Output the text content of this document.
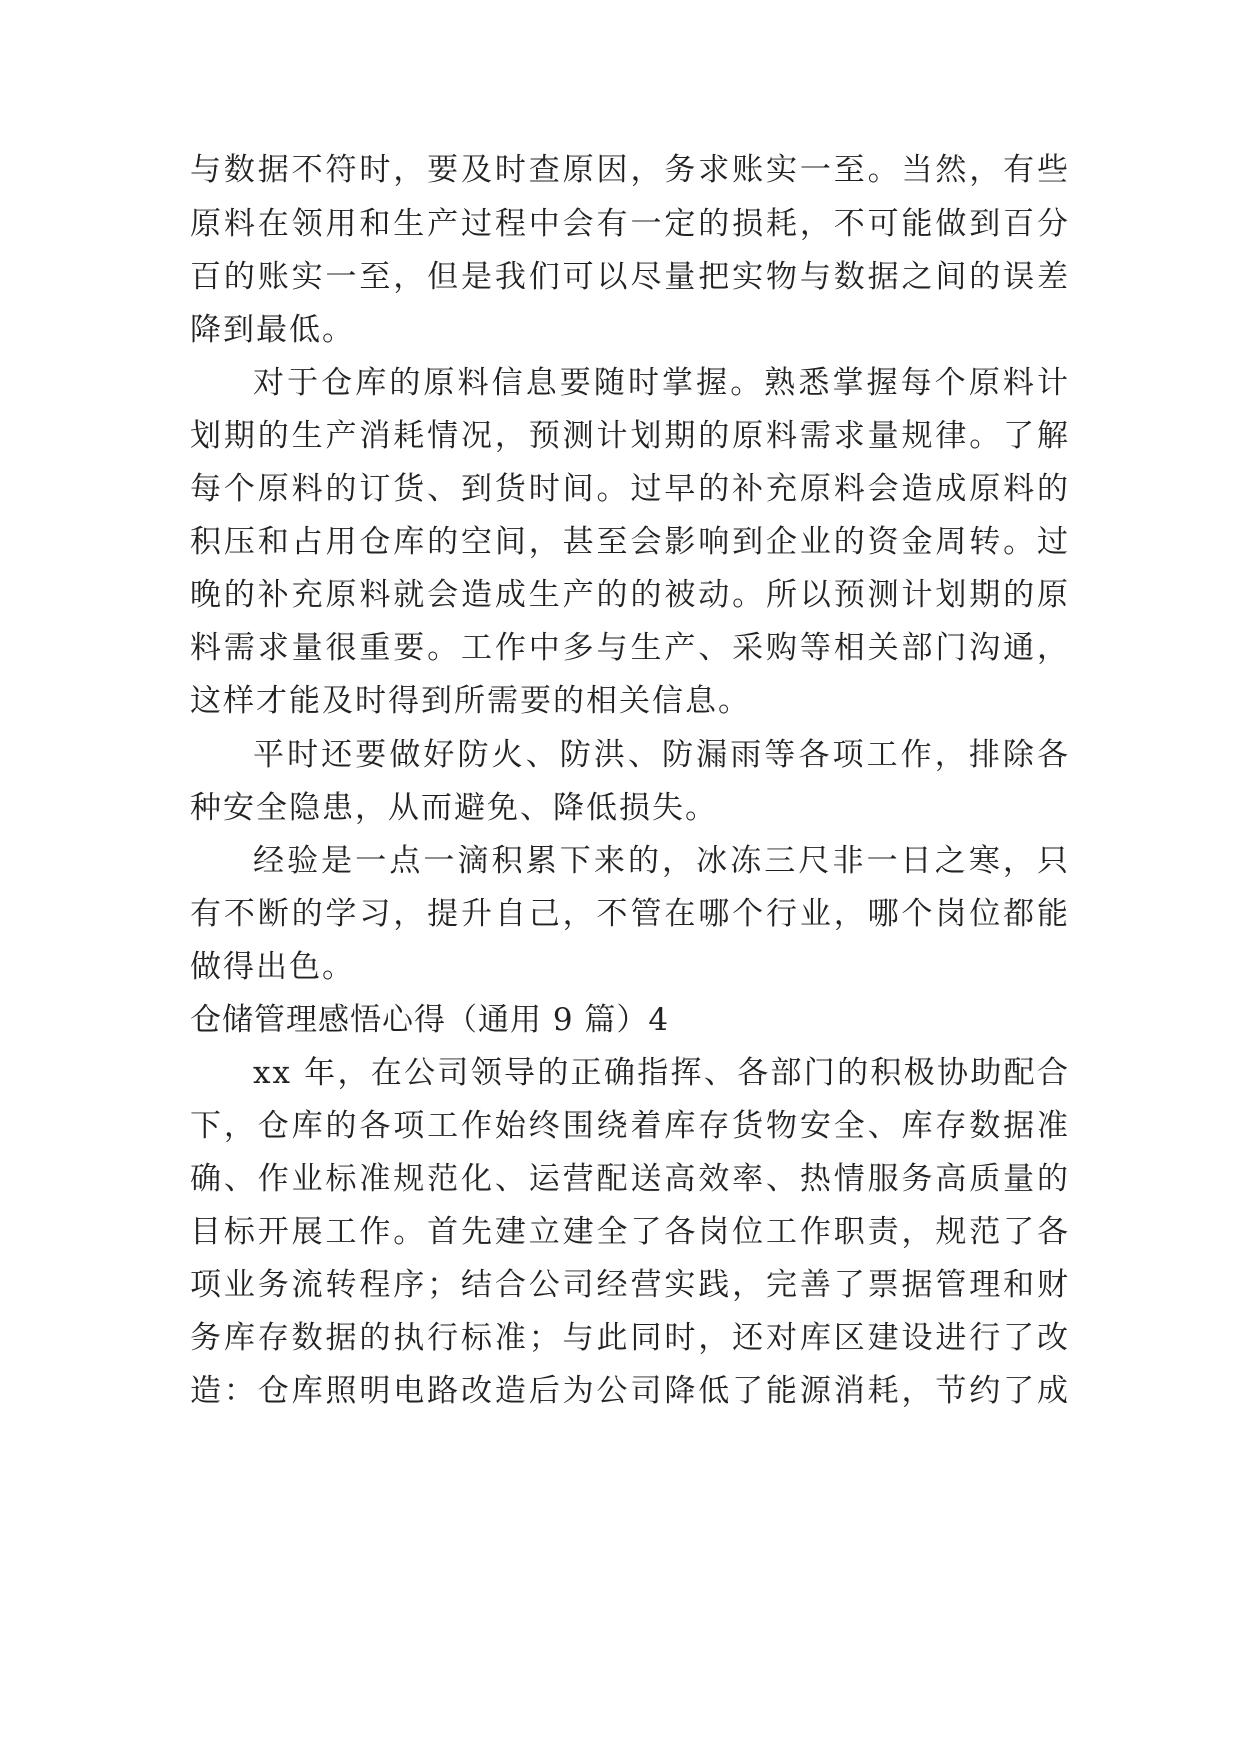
与数据不符时，要及时查原因，务求账实一至。当然，有些
原料在领用和生产过程中会有一定的损耗，不可能做到百分
百的账实一至，但是我们可以尽量把实物与数据之间的误差
降到最低。
对于仓库的原料信息要随时掌握。熟悉掌握每个原料计
划期的生产消耗情况，预测计划期的原料需求量规律。了解
每个原料的订货、到货时间。过早的补充原料会造成原料的
积压和占用仓库的空间，甚至会影响到企业的资金周转。过
晚的补充原料就会造成生产的的被动。所以预测计划期的原
料需求量很重要。工作中多与生产、采购等相关部门沟通，
这样才能及时得到所需要的相关信息。
平时还要做好防火、防洪、防漏雨等各项工作，排除各
种安全隐患，从而避免、降低损失。
经验是一点一滴积累下来的，冰冻三尺非一日之寒，只
有不断的学习，提升自己，不管在哪个行业，哪个岗位都能
做得出色。
仓储管理感悟心得（通用 9 篇）4
xx 年，在公司领导的正确指挥、各部门的积极协助配合
下，仓库的各项工作始终围绕着库存货物安全、库存数据准
确、作业标准规范化、运营配送高效率、热情服务高质量的
目标开展工作。首先建立建全了各岗位工作职责，规范了各
项业务流转程序；结合公司经营实践，完善了票据管理和财
务库存数据的执行标准；与此同时，还对库区建设进行了改
造：仓库照明电路改造后为公司降低了能源消耗，节约了成
